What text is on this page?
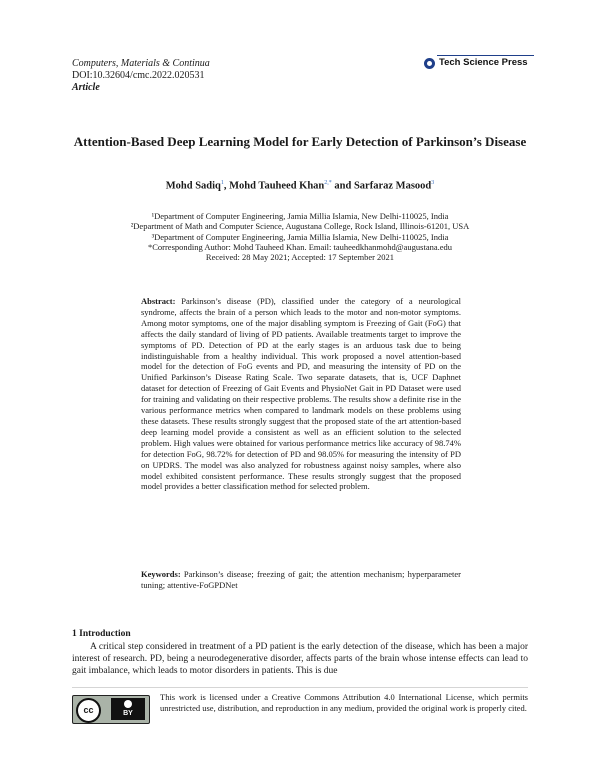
Computers, Materials & Continua
DOI:10.32604/cmc.2022.020531
Article
Tech Science Press
Attention-Based Deep Learning Model for Early Detection of Parkinson’s Disease
Mohd Sadiq$^1$, Mohd Tauheed Khan$^{2,*}$ and Sarfaraz Masood$^3$
¹Department of Computer Engineering, Jamia Millia Islamia, New Delhi-110025, India
²Department of Math and Computer Science, Augustana College, Rock Island, Illinois-61201, USA
³Department of Computer Engineering, Jamia Millia Islamia, New Delhi-110025, India
*Corresponding Author: Mohd Tauheed Khan. Email: tauheedkhanmohd@augustana.edu
Received: 28 May 2021; Accepted: 17 September 2021
Abstract: Parkinson’s disease (PD), classified under the category of a neurological syndrome, affects the brain of a person which leads to the motor and non-motor symptoms. Among motor symptoms, one of the major disabling symptom is Freezing of Gait (FoG) that affects the daily standard of living of PD patients. Available treatments target to improve the symptoms of PD. Detection of PD at the early stages is an arduous task due to being indistinguishable from a healthy individual. This work proposed a novel attention-based model for the detection of FoG events and PD, and measuring the intensity of PD on the Unified Parkinson’s Disease Rating Scale. Two separate datasets, that is, UCF Daphnet dataset for detection of Freezing of Gait Events and PhysioNet Gait in PD Dataset were used for training and validating on their respective problems. The results show a definite rise in the various performance metrics when compared to landmark models on these problems using these datasets. These results strongly suggest that the proposed state of the art attention-based deep learning model provide a consistent as well as an efficient solution to the selected problem. High values were obtained for various performance metrics like accuracy of 98.74% for detection FoG, 98.72% for detection of PD and 98.05% for measuring the intensity of PD on UPDRS. The model was also analyzed for robustness against noisy samples, where also model exhibited consistent performance. These results strongly suggest that the proposed model provides a better classification method for selected problem.
Keywords: Parkinson’s disease; freezing of gait; the attention mechanism; hyperparameter tuning; attentive-FoGPDNet
1 Introduction
A critical step considered in treatment of a PD patient is the early detection of the disease, which has been a major interest of research. PD, being a neurodegenerative disorder, affects parts of the brain whose intense effects can lead to gait imbalance, which leads to motor disorders in patients. This is due
cc	BY
This work is licensed under a Creative Commons Attribution 4.0 International License, which permits unrestricted use, distribution, and reproduction in any medium, provided the original work is properly cited.
